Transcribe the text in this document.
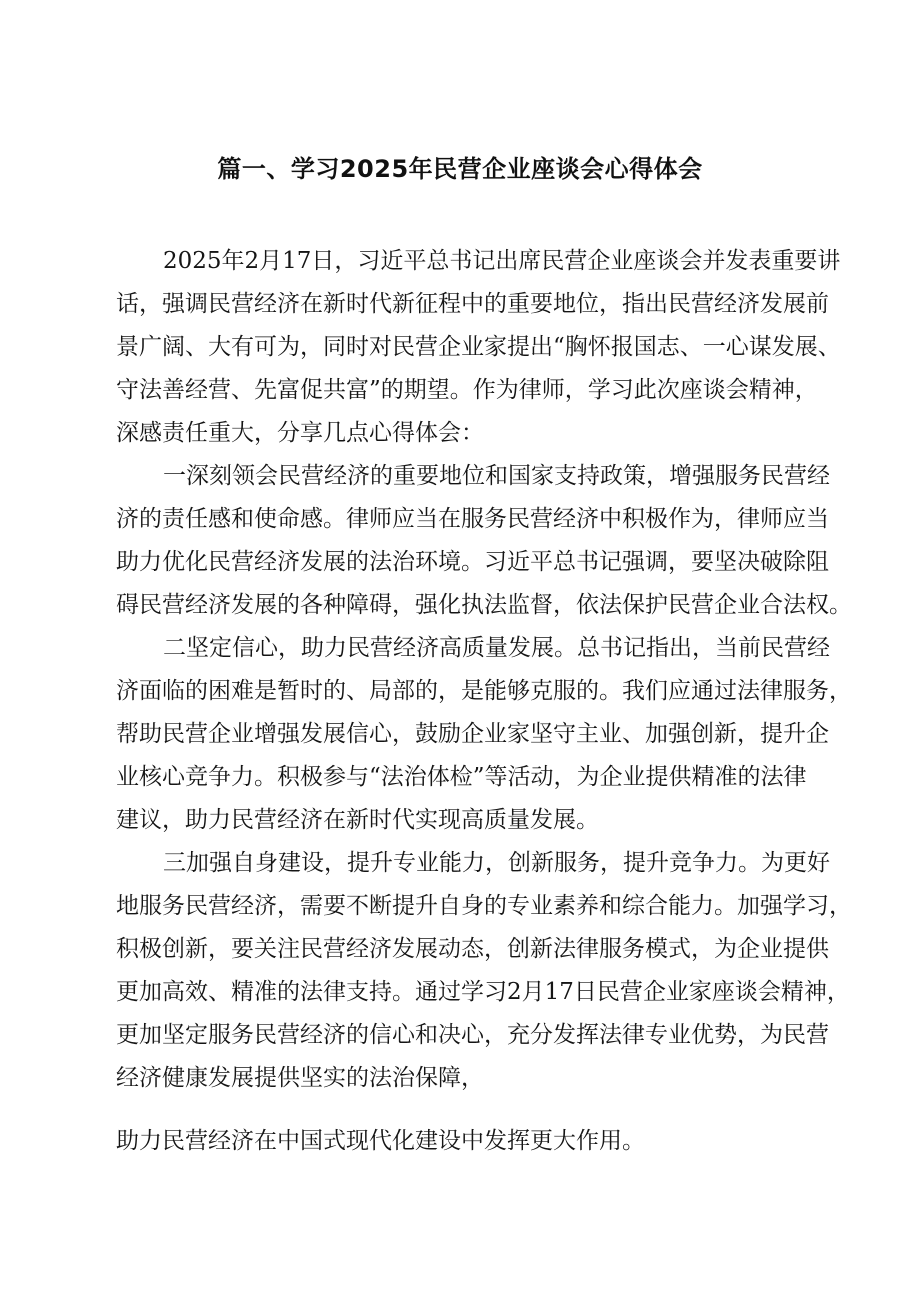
篇一、学习2025年民营企业座谈会心得体会
2025年2月17日，习近平总书记出席民营企业座谈会并发表重要讲
话，强调民营经济在新时代新征程中的重要地位，指出民营经济发展前
景广阔、大有可为，同时对民营企业家提出“胸怀报国志、一心谋发展、
守法善经营、先富促共富”的期望。作为律师，学习此次座谈会精神，
深感责任重大，分享几点心得体会：
一深刻领会民营经济的重要地位和国家支持政策，增强服务民营经
济的责任感和使命感。律师应当在服务民营经济中积极作为，律师应当
助力优化民营经济发展的法治环境。习近平总书记强调，要坚决破除阻
碍民营经济发展的各种障碍，强化执法监督，依法保护民营企业合法权。
二坚定信心，助力民营经济高质量发展。总书记指出，当前民营经
济面临的困难是暂时的、局部的，是能够克服的。我们应通过法律服务，
帮助民营企业增强发展信心，鼓励企业家坚守主业、加强创新，提升企
业核心竞争力。积极参与“法治体检”等活动，为企业提供精准的法律
建议，助力民营经济在新时代实现高质量发展。
三加强自身建设，提升专业能力，创新服务，提升竞争力。为更好
地服务民营经济，需要不断提升自身的专业素养和综合能力。加强学习，
积极创新，要关注民营经济发展动态，创新法律服务模式，为企业提供
更加高效、精准的法律支持。通过学习2月17日民营企业家座谈会精神，
更加坚定服务民营经济的信心和决心，充分发挥法律专业优势，为民营
经济健康发展提供坚实的法治保障，
助力民营经济在中国式现代化建设中发挥更大作用。
